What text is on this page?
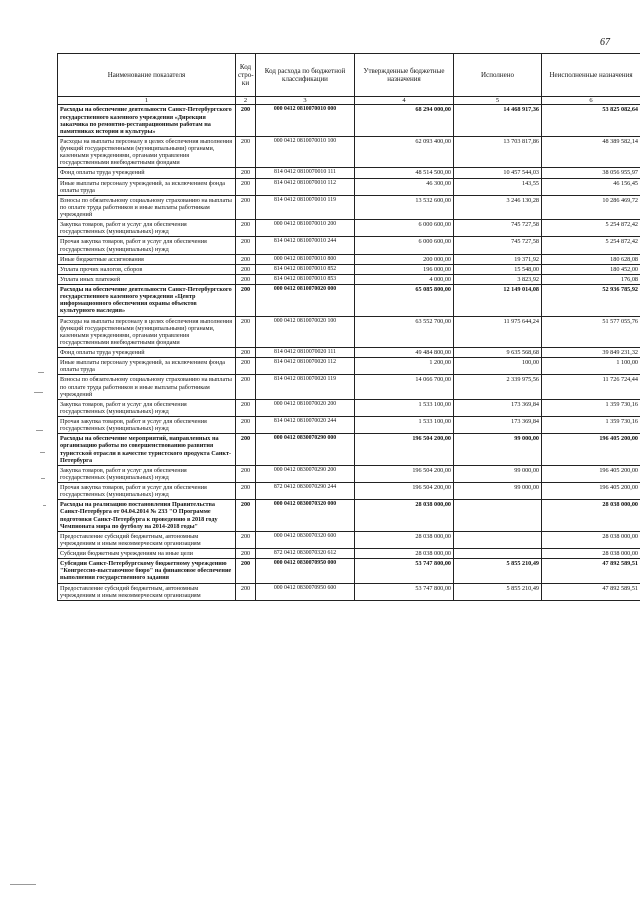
67
Наименование показателя	Код стро-ки	Код расхода по бюджетной классификации	Утвержденные бюджетные назначения	Исполнено	Неисполненные назначения
1	2	3	4	5	6
Расходы на обеспечение деятельности Санкт-Петербургского государственного казенного учреждения «Дирекция заказчика по ремонтно-реставрационным работам на памятниках истории и культуры»	200	000 0412 0810070010 000	68 294 000,00	14 468 917,36	53 825 082,64
Расходы на выплаты персоналу в целях обеспечения выполнения функций государственными (муниципальными) органами, казенными учреждениями, органами управления государственными внебюджетными фондами	200	000 0412 0810070010 100	62 093 400,00	13 703 817,86	48 389 582,14
Фонд оплаты труда учреждений	200	814 0412 0810070010 111	48 514 500,00	10 457 544,03	38 056 955,97
Иные выплаты персоналу учреждений, за исключением фонда оплаты труда	200	814 0412 0810070010 112	46 300,00	143,55	46 156,45
Взносы по обязательному социальному страхованию на выплаты по оплате труда работников и иные выплаты работникам учреждений	200	814 0412 0810070010 119	13 532 600,00	3 246 130,28	10 286 469,72
Закупка товаров, работ и услуг для обеспечения государственных (муниципальных) нужд	200	000 0412 0810070010 200	6 000 600,00	745 727,58	5 254 872,42
Прочая закупка товаров, работ и услуг для обеспечения государственных (муниципальных) нужд	200	814 0412 0810070010 244	6 000 600,00	745 727,58	5 254 872,42
Иные бюджетные ассигнования	200	000 0412 0810070010 800	200 000,00	19 371,92	180 628,08
Уплата прочих налогов, сборов	200	814 0412 0810070010 852	196 000,00	15 548,00	180 452,00
Уплата иных платежей	200	814 0412 0810070010 853	4 000,00	3 823,92	176,08
Расходы на обеспечение деятельности Санкт-Петербургского государственного казенного учреждения «Центр информационного обеспечения охраны объектов культурного наследия»	200	000 0412 0810070020 000	65 085 800,00	12 149 014,08	52 936 785,92
Расходы на выплаты персоналу в целях обеспечения выполнения функций государственными (муниципальными) органами, казенными учреждениями, органами управления государственными внебюджетными фондами	200	000 0412 0810070020 100	63 552 700,00	11 975 644,24	51 577 055,76
Фонд оплаты труда учреждений	200	814 0412 0810070020 111	49 484 800,00	9 635 568,68	39 849 231,32
Иные выплаты персоналу учреждений, за исключением фонда оплаты труда	200	814 0412 0810070020 112	1 200,00	100,00	1 100,00
Взносы по обязательному социальному страхованию на выплаты по оплате труда работников и иные выплаты работникам учреждений	200	814 0412 0810070020 119	14 066 700,00	2 339 975,56	11 726 724,44
Закупка товаров, работ и услуг для обеспечения государственных (муниципальных) нужд	200	000 0412 0810070020 200	1 533 100,00	173 369,84	1 359 730,16
Прочая закупка товаров, работ и услуг для обеспечения государственных (муниципальных) нужд	200	814 0412 0810070020 244	1 533 100,00	173 369,84	1 359 730,16
Расходы на обеспечение мероприятий, направленных на организацию работы по совершенствованию развития туристской отрасли в качестве туристского продукта Санкт-Петербурга	200	000 0412 0830070290 000	196 504 200,00	99 000,00	196 405 200,00
Закупка товаров, работ и услуг для обеспечения государственных (муниципальных) нужд	200	000 0412 0830070290 200	196 504 200,00	99 000,00	196 405 200,00
Прочая закупка товаров, работ и услуг для обеспечения государственных (муниципальных) нужд	200	872 0412 0830070290 244	196 504 200,00	99 000,00	196 405 200,00
Расходы на реализацию постановления Правительства Санкт-Петербурга от 04.04.2014 № 233 "О Программе подготовки Санкт-Петербурга к проведению в 2018 году Чемпионата мира по футболу на 2014-2018 годы"	200	000 0412 0830070320 000	28 038 000,00		28 038 000,00
Предоставление субсидий бюджетным, автономным учреждениям и иным некоммерческим организациям	200	000 0412 0830070320 600	28 038 000,00		28 038 000,00
Субсидии бюджетным учреждениям на иные цели	200	872 0412 0830070320 612	28 038 000,00		28 038 000,00
Субсидии Санкт-Петербургскому бюджетному учреждению "Конгрессно-выставочное бюро" на финансовое обеспечение выполнения государственного задания	200	000 0412 0830070950 000	53 747 800,00	5 855 210,49	47 892 589,51
Предоставление субсидий бюджетным, автономным учреждениям и иным некоммерческим организациям	200	000 0412 0830070950 600	53 747 800,00	5 855 210,49	47 892 589,51
